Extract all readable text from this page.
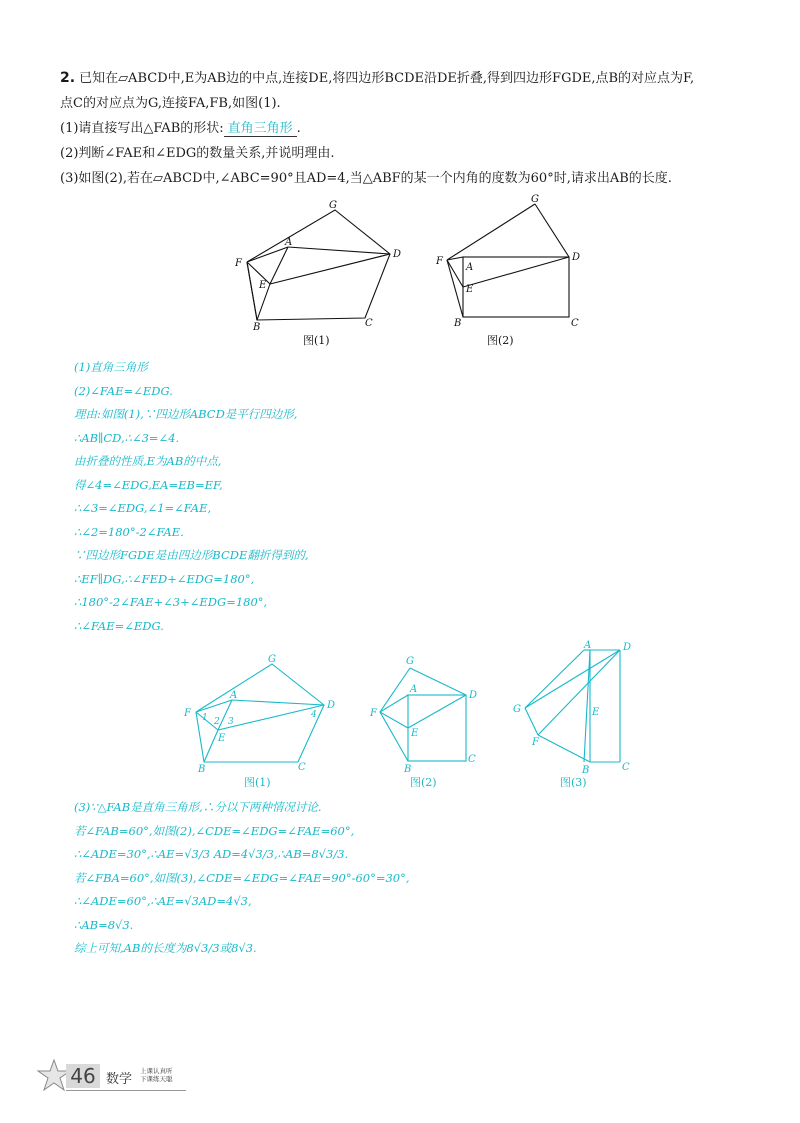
2. 已知在▱ABCD中,E为AB边的中点,连接DE,将四边形BCDE沿DE折叠,得到四边形FGDE,点B的对应点为F,

点C的对应点为G,连接FA,FB,如图(1).

(1)请直接写出△FAB的形状: 直角三角形 .

(2)判断∠FAE和∠EDG的数量关系,并说明理由.

(3)如图(2),若在▱ABCD中,∠ABC=90°且AD=4,当△ABF的某一个内角的度数为60°时,请求出AB的长度.

G
A
D
F
E
B	C
图(1)
G
A
D
F
E
B	C
图(2)

(1)直角三角形

(2)∠FAE=∠EDG.

理由:如图(1),∵四边形ABCD是平行四边形,

∴AB∥CD,∴∠3=∠4.

由折叠的性质,E为AB的中点,

得∠4=∠EDG,EA=EB=EF,

∴∠3=∠EDG,∠1=∠FAE,

∴∠2=180°-2∠FAE.

∵四边形FGDE是由四边形BCDE翻折得到的,

∴EF∥DG,∴∠FED+∠EDG=180°,

∴180°-2∠FAE+∠3+∠EDG=180°,

∴∠FAE=∠EDG.

G
A
D
F
E
B	C
1 2 3
4
图(1)
G
A
D
F
E
B
C
图(2)
A	D
G	E
F
B	C
图(3)

(3)∵△FAB是直角三角形,∴分以下两种情况讨论.

若∠FAB=60°,如图(2),∠CDE=∠EDG=∠FAE=60°,

∴∠ADE=30°,∴AE=√3/3 AD=4√3/3,∴AB=8√3/3.

若∠FBA=60°,如图(3),∠CDE=∠EDG=∠FAE=90°-60°=30°,

∴∠ADE=60°,∴AE=√3AD=4√3,

∴AB=8√3.

综上可知,AB的长度为8√3/3或8√3.

46 数学
上课认真听
下课练天聪
